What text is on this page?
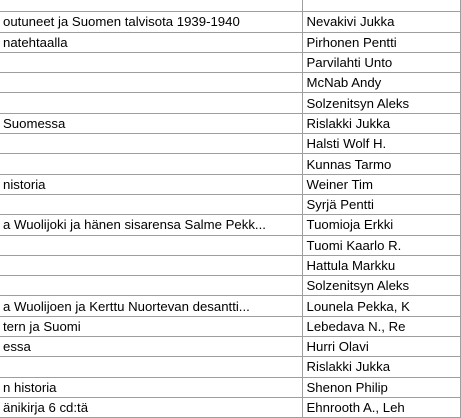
outuneet ja Suomen talvisota 1939-1940	Nevakivi Jukka
natehtaalla	Pirhonen Pentti
	Parvilahti Unto
	McNab Andy
	Solzenitsyn Aleks
Suomessa	Rislakki Jukka
	Halsti Wolf H.
	Kunnas Tarmo
nistoria	Weiner Tim
	Syrjä Pentti
a Wuolijoki ja hänen sisarensa Salme Pekk...	Tuomioja Erkki
	Tuomi Kaarlo R.
	Hattula Markku
	Solzenitsyn Aleks
a Wuolijoen ja Kerttu Nuortevan desantti...	Lounela Pekka, K
tern ja Suomi	Lebedava N., Re
essa	Hurri Olavi
	Rislakki Jukka
n historia	Shenon Philip
änikirja 6 cd:tä	Ehnrooth A., Leh
